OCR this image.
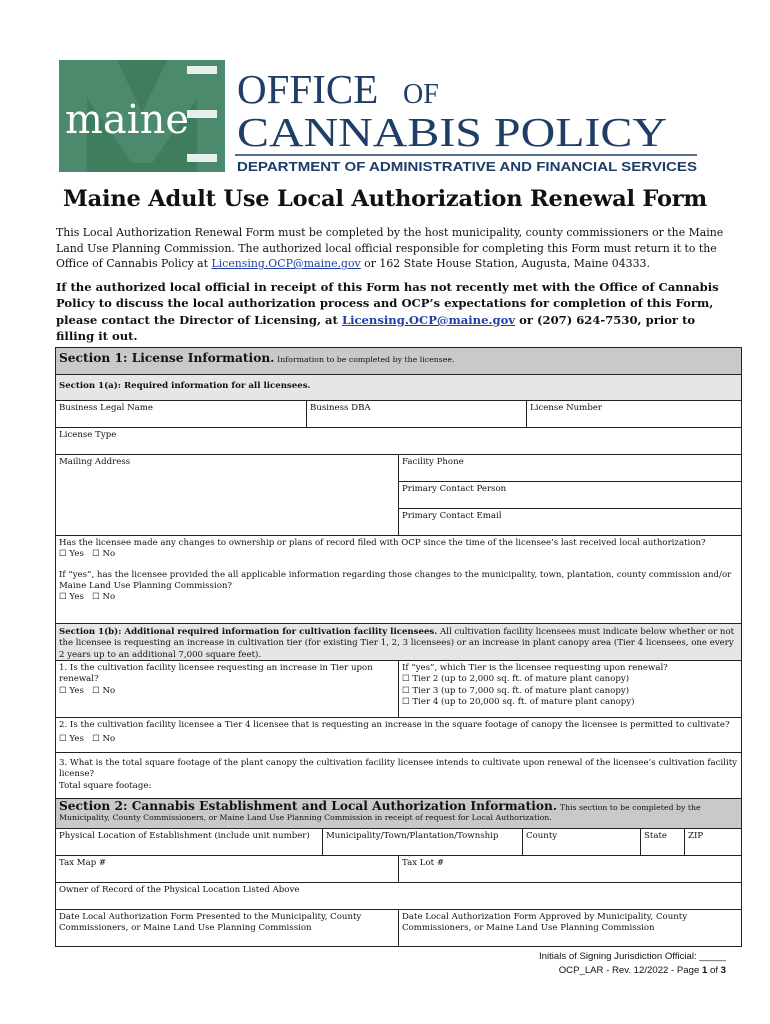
maine
OFFICE OF
CANNABIS POLICY
DEPARTMENT OF ADMINISTRATIVE AND FINANCIAL SERVICES
Maine Adult Use Local Authorization Renewal Form
This Local Authorization Renewal Form must be completed by the host municipality, county commissioners or the Maine Land Use Planning Commission. The authorized local official responsible for completing this Form must return it to the Office of Cannabis Policy at Licensing.OCP@maine.gov or 162 State House Station, Augusta, Maine 04333.
If the authorized local official in receipt of this Form has not recently met with the Office of Cannabis Policy to discuss the local authorization process and OCP’s expectations for completion of this Form, please contact the Director of Licensing, at Licensing.OCP@maine.gov or (207) 624-7530, prior to filling it out.
Section 1: License Information. Information to be completed by the licensee.
Section 1(a): Required information for all licensees.
Business Legal Name	Business DBA	License Number
License Type
Mailing Address	Facility Phone
Primary Contact Person
Primary Contact Email
Has the licensee made any changes to ownership or plans of record filed with OCP since the time of the licensee’s last received local authorization?
☐ Yes ☐ No
If “yes”, has the licensee provided the all applicable information regarding those changes to the municipality, town, plantation, county commission and/or Maine Land Use Planning Commission?
☐ Yes ☐ No
Section 1(b): Additional required information for cultivation facility licensees. All cultivation facility licensees must indicate below whether or not the licensee is requesting an increase in cultivation tier (for existing Tier 1, 2, 3 licensees) or an increase in plant canopy area (Tier 4 licensees, one every 2 years up to an additional 7,000 square feet).
1. Is the cultivation facility licensee requesting an increase in Tier upon renewal?
☐ Yes ☐ No
If “yes”, which Tier is the licensee requesting upon renewal?
☐ Tier 2 (up to 2,000 sq. ft. of mature plant canopy)
☐ Tier 3 (up to 7,000 sq. ft. of mature plant canopy)
☐ Tier 4 (up to 20,000 sq. ft. of mature plant canopy)
2. Is the cultivation facility licensee a Tier 4 licensee that is requesting an increase in the square footage of canopy the licensee is permitted to cultivate?
☐ Yes ☐ No
3. What is the total square footage of the plant canopy the cultivation facility licensee intends to cultivate upon renewal of the licensee’s cultivation facility license?
Total square footage:
Section 2: Cannabis Establishment and Local Authorization Information. This section to be completed by the Municipality, County Commissioners, or Maine Land Use Planning Commission in receipt of request for Local Authorization.
Physical Location of Establishment (include unit number)	Municipality/Town/Plantation/Township	County	State	ZIP
Tax Map #	Tax Lot #
Owner of Record of the Physical Location Listed Above
Date Local Authorization Form Presented to the Municipality, County Commissioners, or Maine Land Use Planning Commission
Date Local Authorization Form Approved by Municipality, County Commissioners, or Maine Land Use Planning Commission
Initials of Signing Jurisdiction Official: _____
OCP_LAR - Rev. 12/2022 - Page 1 of 3
